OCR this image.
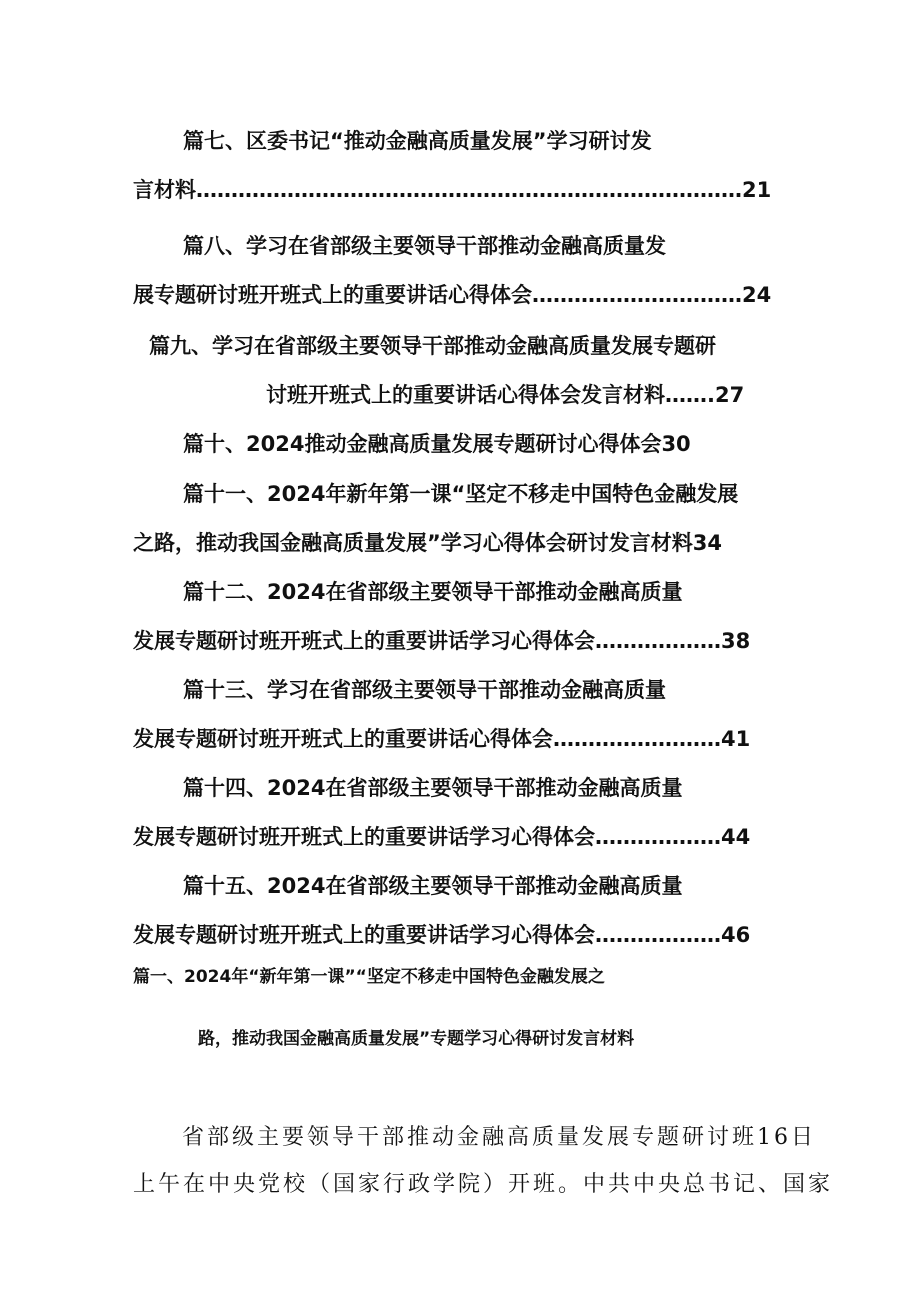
篇七、区委书记“推动金融高质量发展”学习研讨发
言材料……………………………………………………………………21
篇八、学习在省部级主要领导干部推动金融高质量发
展专题研讨班开班式上的重要讲话心得体会…………………………24
篇九、学习在省部级主要领导干部推动金融高质量发展专题研
讨班开班式上的重要讲话心得体会发言材料…….27
篇十、2024推动金融高质量发展专题研讨心得体会30
篇十一、2024年新年第一课“坚定不移走中国特色金融发展
之路，推动我国金融高质量发展”学习心得体会研讨发言材料34
篇十二、2024在省部级主要领导干部推动金融高质量
发展专题研讨班开班式上的重要讲话学习心得体会………………38
篇十三、学习在省部级主要领导干部推动金融高质量
发展专题研讨班开班式上的重要讲话心得体会……………………41
篇十四、2024在省部级主要领导干部推动金融高质量
发展专题研讨班开班式上的重要讲话学习心得体会………………44
篇十五、2024在省部级主要领导干部推动金融高质量
发展专题研讨班开班式上的重要讲话学习心得体会………………46
篇一、2024年“新年第一课”“坚定不移走中国特色金融发展之
路，推动我国金融高质量发展”专题学习心得研讨发言材料
省部级主要领导干部推动金融高质量发展专题研讨班16日
上午在中央党校（国家行政学院）开班。中共中央总书记、国家
